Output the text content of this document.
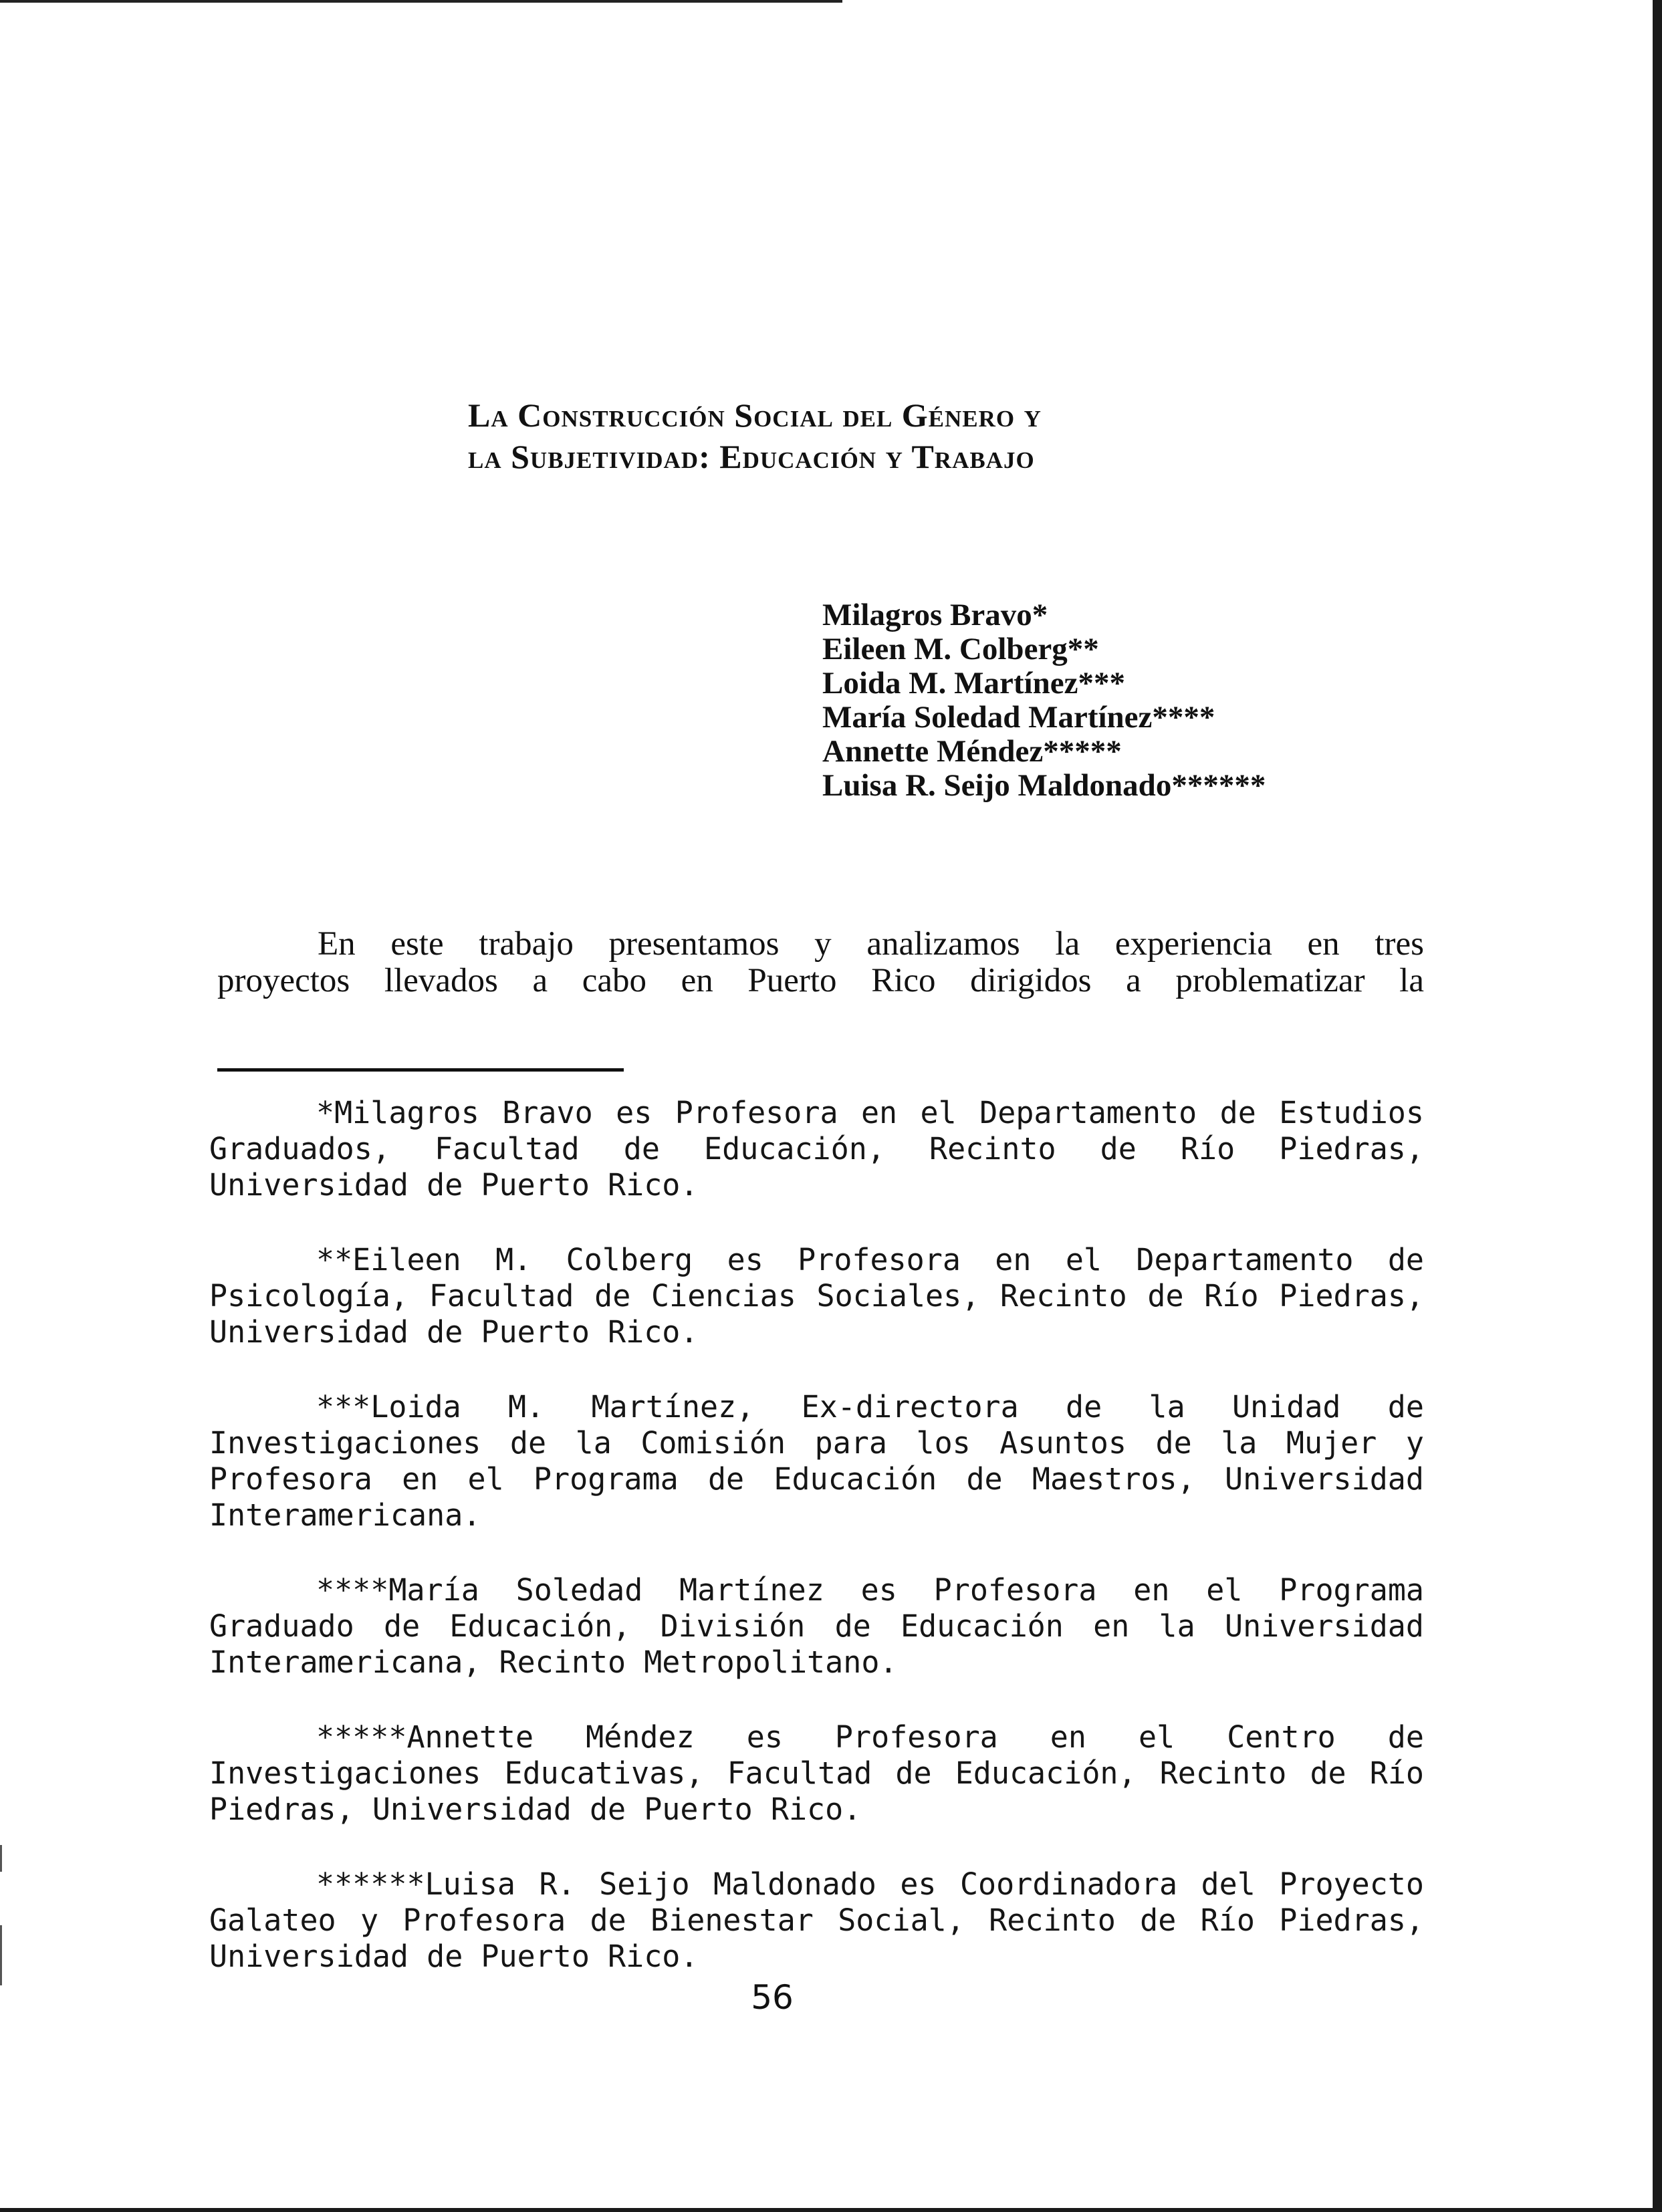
La Construcción Social del Género y
la Subjetividad: Educación y Trabajo
Milagros Bravo*
Eileen M. Colberg**
Loida M. Martínez***
María Soledad Martínez****
Annette Méndez*****
Luisa R. Seijo Maldonado******
En este trabajo presentamos y analizamos la experiencia en tres
proyectos llevados a cabo en Puerto Rico dirigidos a problematizar la
*Milagros Bravo es Profesora en el Departamento de Estudios
Graduados, Facultad de Educación, Recinto de Río Piedras,
Universidad de Puerto Rico.
**Eileen M. Colberg es Profesora en el Departamento de
Psicología, Facultad de Ciencias Sociales, Recinto de Río Piedras,
Universidad de Puerto Rico.
***Loida M. Martínez, Ex-directora de la Unidad de
Investigaciones de la Comisión para los Asuntos de la Mujer y
Profesora en el Programa de Educación de Maestros, Universidad
Interamericana.
****María Soledad Martínez es Profesora en el Programa
Graduado de Educación, División de Educación en la Universidad
Interamericana, Recinto Metropolitano.
*****Annette Méndez es Profesora en el Centro de
Investigaciones Educativas, Facultad de Educación, Recinto de Río
Piedras, Universidad de Puerto Rico.
******Luisa R. Seijo Maldonado es Coordinadora del Proyecto
Galateo y Profesora de Bienestar Social, Recinto de Río Piedras,
Universidad de Puerto Rico.
56
